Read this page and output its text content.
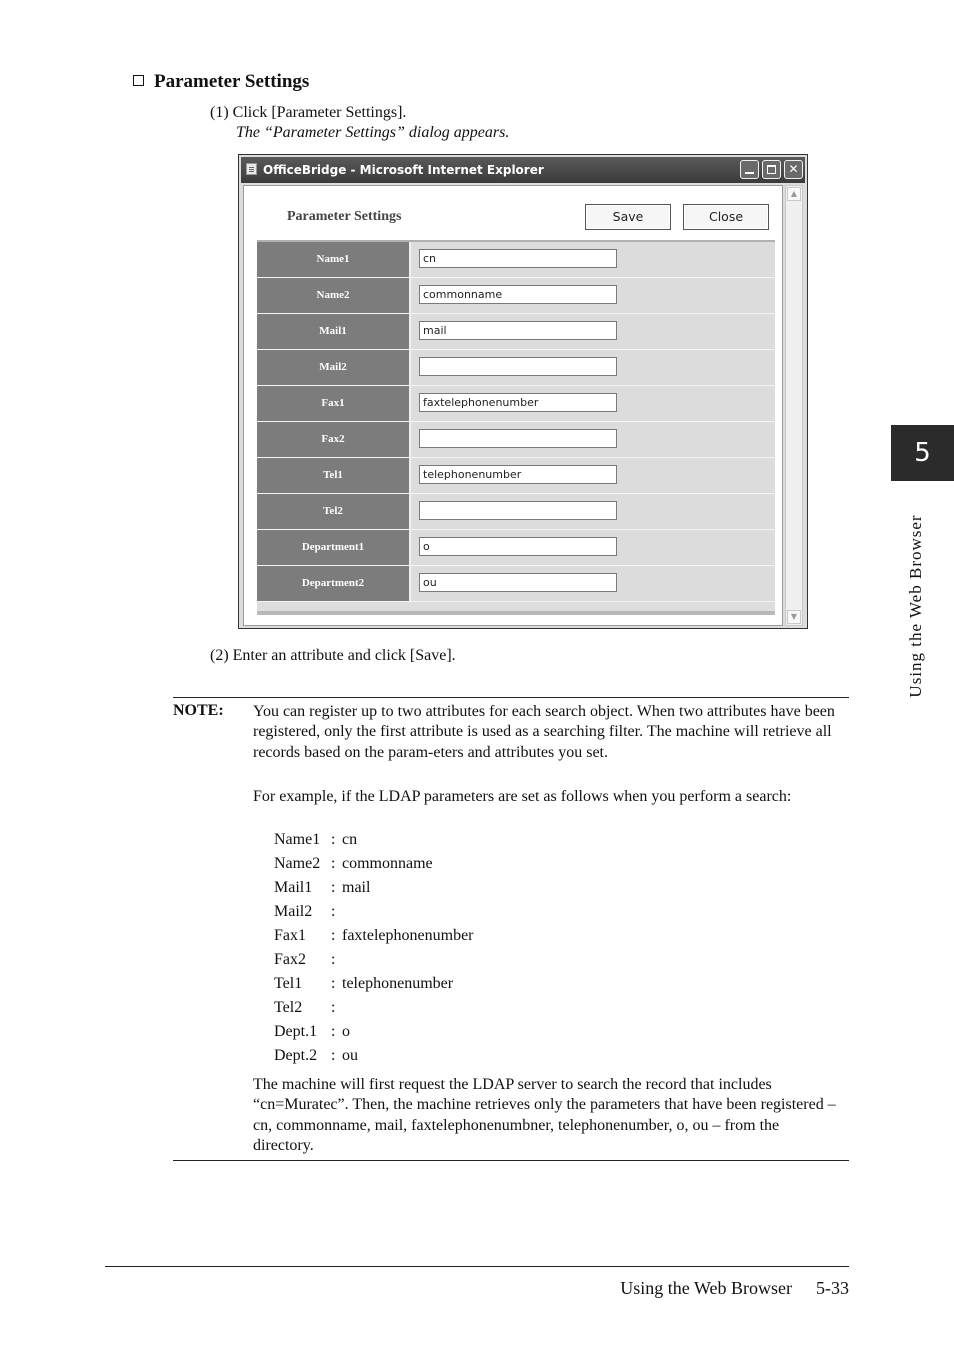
Parameter Settings
(1) Click [Parameter Settings].
The “Parameter Settings” dialog appears.
OfficeBridge - Microsoft Internet Explorer	✕
Parameter Settings	Save	Close
Name1	cn
Name2	commonname
Mail1	mail
Mail2
Fax1	faxtelephonenumber
Fax2
Tel1	telephonenumber
Tel2
Department1	o
Department2	ou
▲
▼
(2) Enter an attribute and click [Save].
NOTE: You can register up to two attributes for each search object. When two attributes have been registered, only the first attribute is used as a searching filter. The machine will retrieve all records based on the param-eters and attributes you set.
For example, if the LDAP parameters are set as follows when you perform a search:
Name1 : cn
Name2 : commonname
Mail1 : mail
Mail2 :
Fax1 : faxtelephonenumber
Fax2 :
Tel1 : telephonenumber
Tel2 :
Dept.1 : o
Dept.2 : ou
The machine will first request the LDAP server to search the record that includes “cn=Muratec”. Then, the machine retrieves only the parameters that have been registered – cn, commonname, mail, faxtelephonenumbner, telephonenumber, o, ou – from the directory.
5
Using the Web Browser
Using the Web Browser 5-33
